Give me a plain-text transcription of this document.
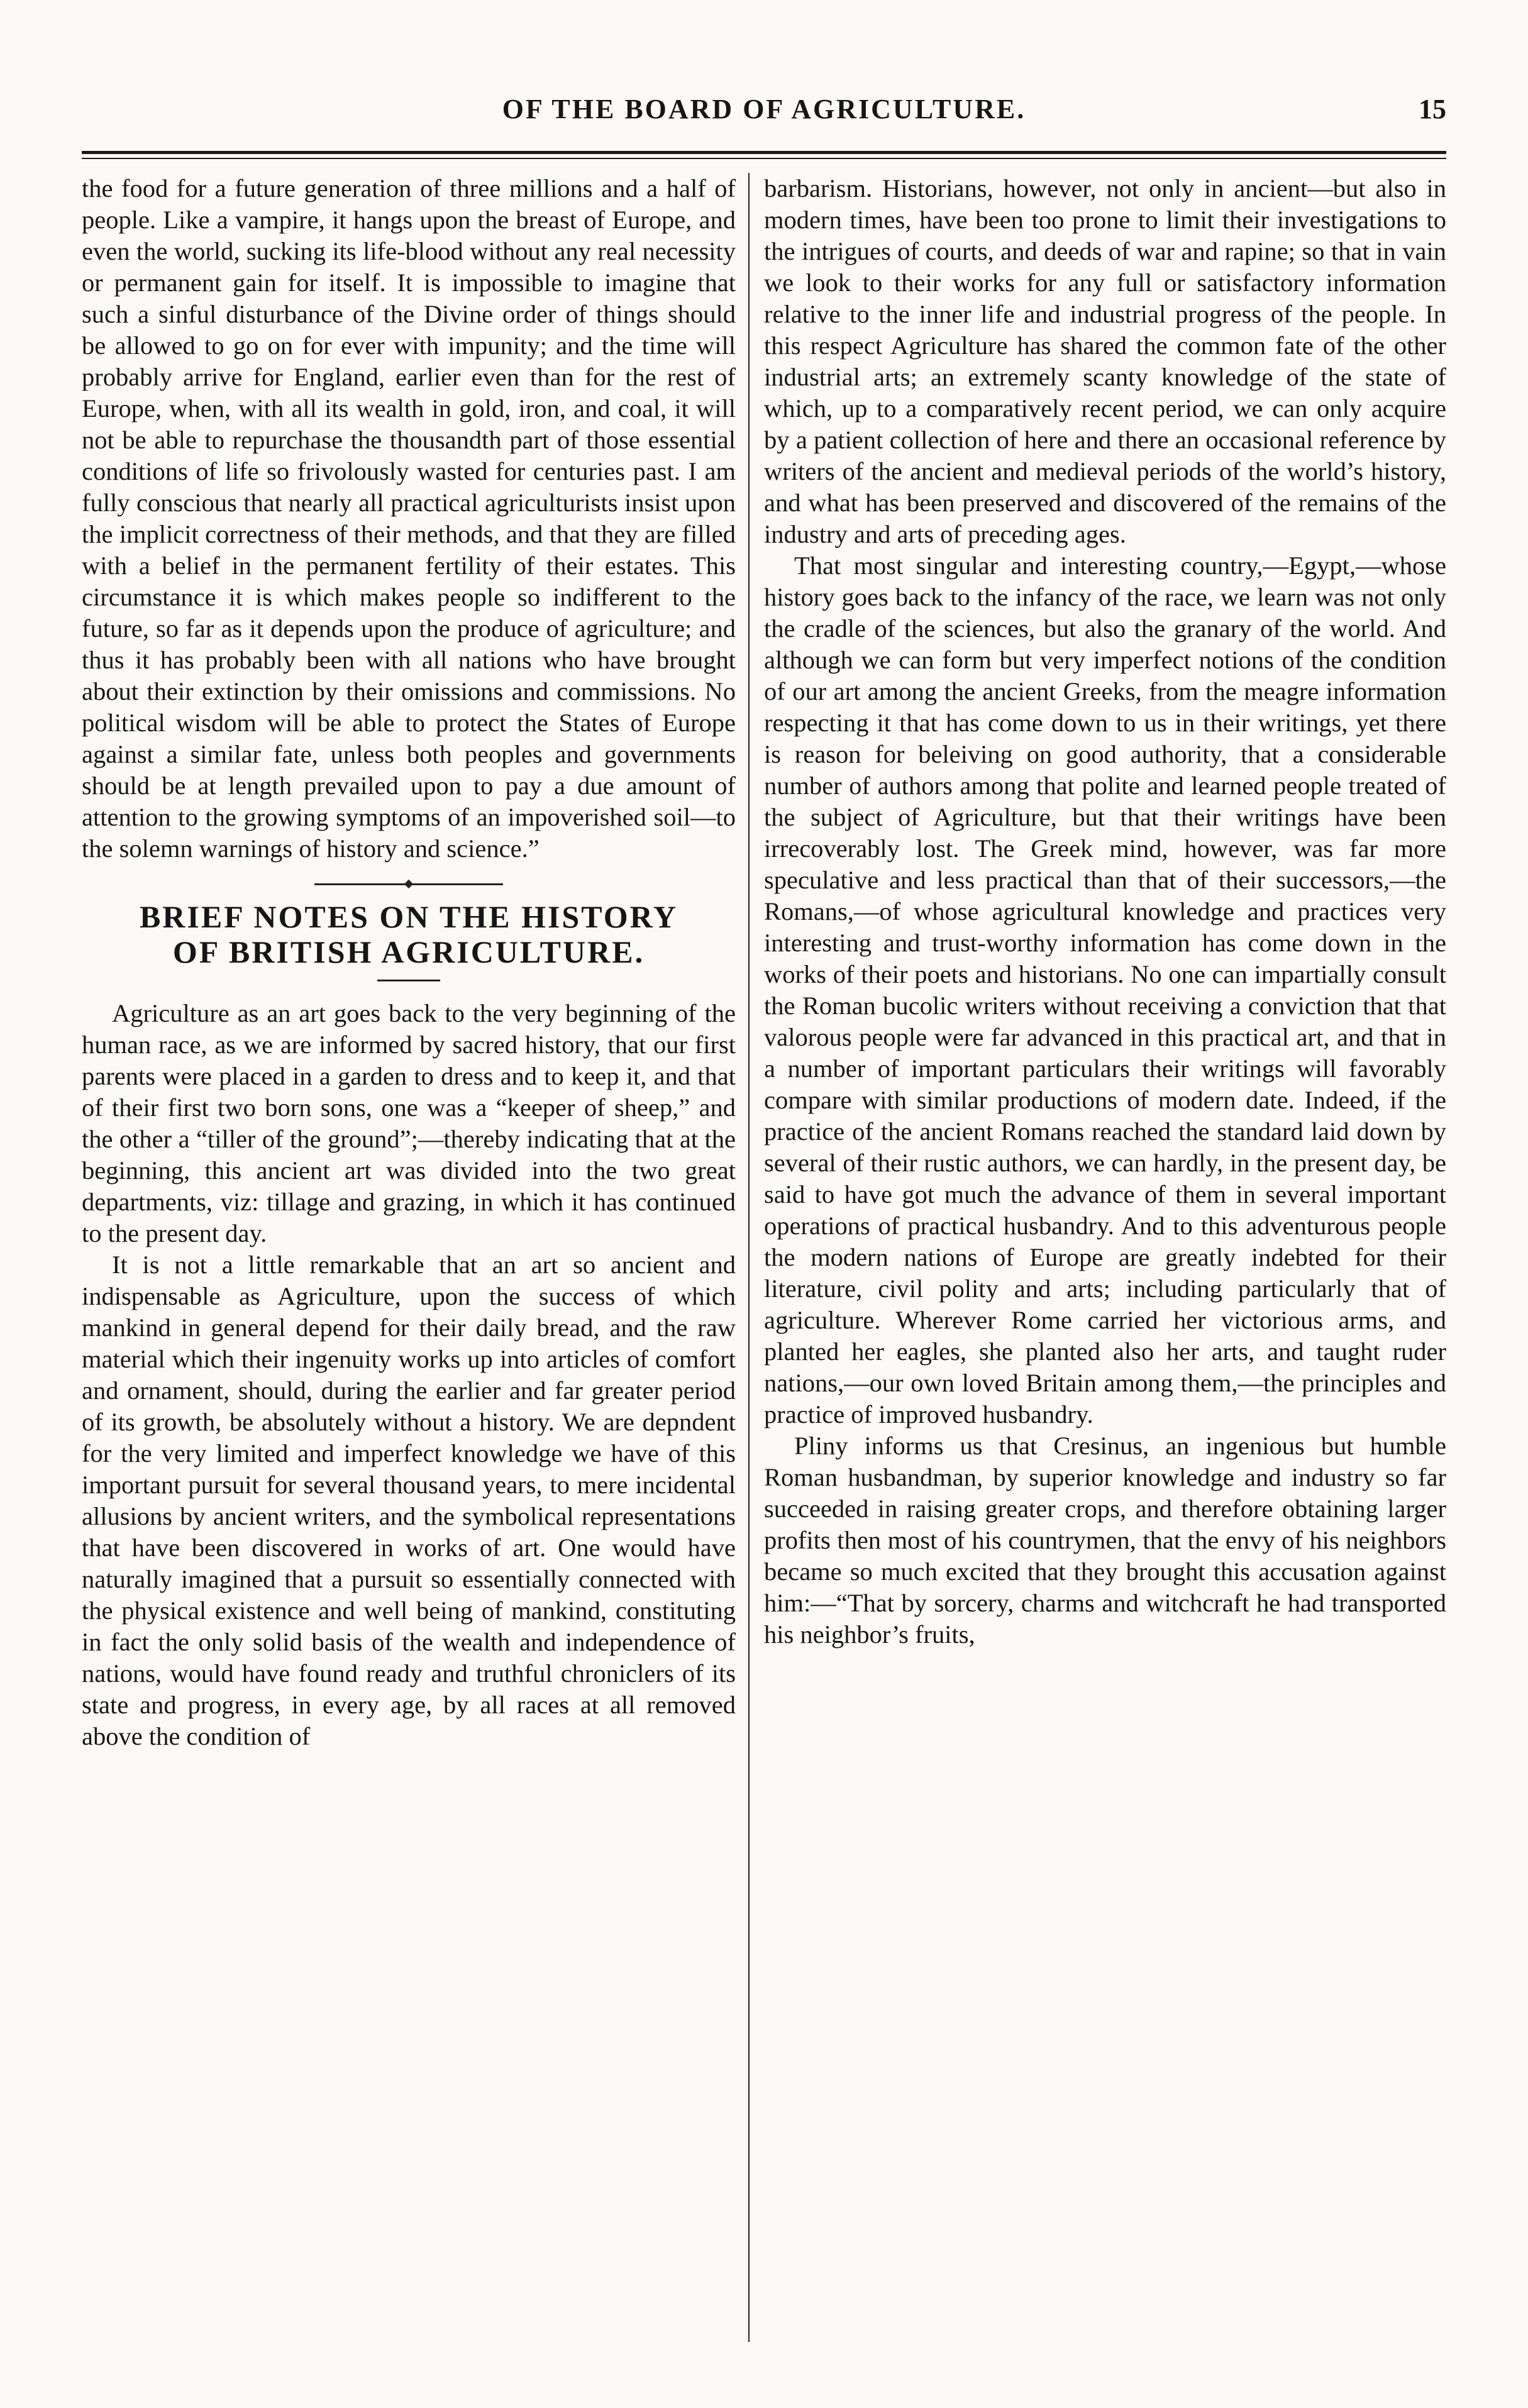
OF THE BOARD OF AGRICULTURE.	15

the food for a future generation of three millions and a half of people. Like a vampire, it hangs upon the breast of Europe, and even the world, sucking its life-blood without any real necessity or permanent gain for itself. It is impossible to imagine that such a sinful disturbance of the Divine order of things should be allowed to go on for ever with impunity; and the time will probably arrive for England, earlier even than for the rest of Europe, when, with all its wealth in gold, iron, and coal, it will not be able to repurchase the thousandth part of those essential conditions of life so frivolously wasted for centuries past. I am fully conscious that nearly all practical agriculturists insist upon the implicit correctness of their methods, and that they are filled with a belief in the permanent fertility of their estates. This circumstance it is which makes people so indifferent to the future, so far as it depends upon the produce of agriculture; and thus it has probably been with all nations who have brought about their extinction by their omissions and commissions. No political wisdom will be able to protect the States of Europe against a similar fate, unless both peoples and governments should be at length prevailed upon to pay a due amount of attention to the growing symptoms of an impoverished soil—to the solemn warnings of history and science.”

BRIEF NOTES ON THE HISTORY
OF BRITISH AGRICULTURE.

Agriculture as an art goes back to the very beginning of the human race, as we are informed by sacred history, that our first parents were placed in a garden to dress and to keep it, and that of their first two born sons, one was a “keeper of sheep,” and the other a “tiller of the ground”;—thereby indicating that at the beginning, this ancient art was divided into the two great departments, viz: tillage and grazing, in which it has continued to the present day.

It is not a little remarkable that an art so ancient and indispensable as Agriculture, upon the success of which mankind in general depend for their daily bread, and the raw material which their ingenuity works up into articles of comfort and ornament, should, during the earlier and far greater period of its growth, be absolutely without a history. We are depndent for the very limited and imperfect knowledge we have of this important pursuit for several thousand years, to mere incidental allusions by ancient writers, and the symbolical representations that have been discovered in works of art. One would have naturally imagined that a pursuit so essentially connected with the physical existence and well being of mankind, constituting in fact the only solid basis of the wealth and independence of nations, would have found ready and truthful chroniclers of its state and progress, in every age, by all races at all removed above the condition of

barbarism. Historians, however, not only in ancient—but also in modern times, have been too prone to limit their investigations to the intrigues of courts, and deeds of war and rapine; so that in vain we look to their works for any full or satisfactory information relative to the inner life and industrial progress of the people. In this respect Agriculture has shared the common fate of the other industrial arts; an extremely scanty knowledge of the state of which, up to a comparatively recent period, we can only acquire by a patient collection of here and there an occasional reference by writers of the ancient and medieval periods of the world’s history, and what has been preserved and discovered of the remains of the industry and arts of preceding ages.

That most singular and interesting country,—Egypt,—whose history goes back to the infancy of the race, we learn was not only the cradle of the sciences, but also the granary of the world. And although we can form but very imperfect notions of the condition of our art among the ancient Greeks, from the meagre information respecting it that has come down to us in their writings, yet there is reason for beleiving on good authority, that a considerable number of authors among that polite and learned people treated of the subject of Agriculture, but that their writings have been irrecoverably lost. The Greek mind, however, was far more speculative and less practical than that of their successors,—the Romans,—of whose agricultural knowledge and practices very interesting and trust-worthy information has come down in the works of their poets and historians. No one can impartially consult the Roman bucolic writers without receiving a conviction that that valorous people were far advanced in this practical art, and that in a number of important particulars their writings will favorably compare with similar productions of modern date. Indeed, if the practice of the ancient Romans reached the standard laid down by several of their rustic authors, we can hardly, in the present day, be said to have got much the advance of them in several important operations of practical husbandry. And to this adventurous people the modern nations of Europe are greatly indebted for their literature, civil polity and arts; including particularly that of agriculture. Wherever Rome carried her victorious arms, and planted her eagles, she planted also her arts, and taught ruder nations,—our own loved Britain among them,—the principles and practice of improved husbandry.

Pliny informs us that Cresinus, an ingenious but humble Roman husbandman, by superior knowledge and industry so far succeeded in raising greater crops, and therefore obtaining larger profits then most of his countrymen, that the envy of his neighbors became so much excited that they brought this accusation against him:—“That by sorcery, charms and witchcraft he had transported his neighbor’s fruits,
